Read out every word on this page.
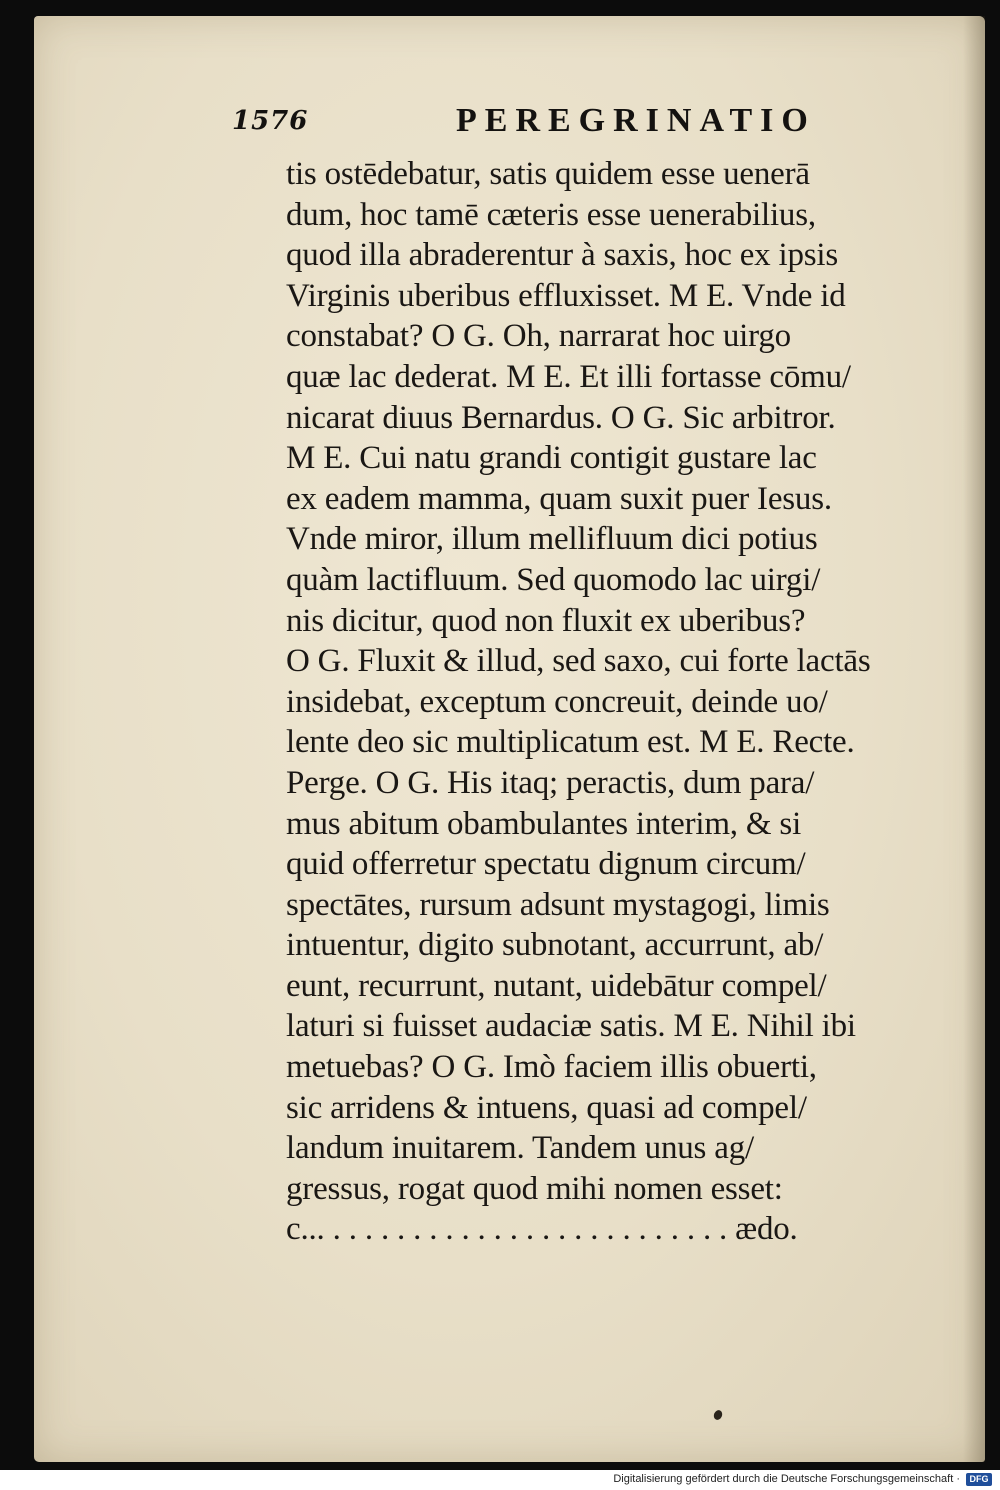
1576	PEREGRINATIO
tis ostēdebatur, satis quidem esse uenerā
dum, hoc tamē cæteris esse uenerabilius,
quod illa abraderentur à saxis, hoc ex ipsis
Virginis uberibus effluxisset. M E. Vnde id
constabat? O G. Oh, narrarat hoc uirgo
quæ lac dederat. M E. Et illi fortasse cōmu/
nicarat diuus Bernardus. O G. Sic arbitror.
M E. Cui natu grandi contigit gustare lac
ex eadem mamma, quam suxit puer Iesus.
Vnde miror, illum mellifluum dici potius
quàm lactifluum. Sed quomodo lac uirgi/
nis dicitur, quod non fluxit ex uberibus?
O G. Fluxit & illud, sed saxo, cui forte lactās
insidebat, exceptum concreuit, deinde uo/
lente deo sic multiplicatum est. M E. Recte.
Perge. O G. His itaq; peractis, dum para/
mus abitum obambulantes interim, & si
quid offerretur spectatu dignum circum/
spectātes, rursum adsunt mystagogi, limis
intuentur, digito subnotant, accurrunt, ab/
eunt, recurrunt, nutant, uidebātur compel/
laturi si fuisset audaciæ satis. M E. Nihil ibi
metuebas? O G. Imò faciem illis obuerti,
sic arridens & intuens, quasi ad compel/
landum inuitarem. Tandem unus ag/
gressus, rogat quod mihi nomen esset:
c... . . . . . . . . . . . . . . . . . . . . . . . . . ædo.
Digitalisierung gefördert durch die Deutsche Forschungsgemeinschaft ·	DFG
